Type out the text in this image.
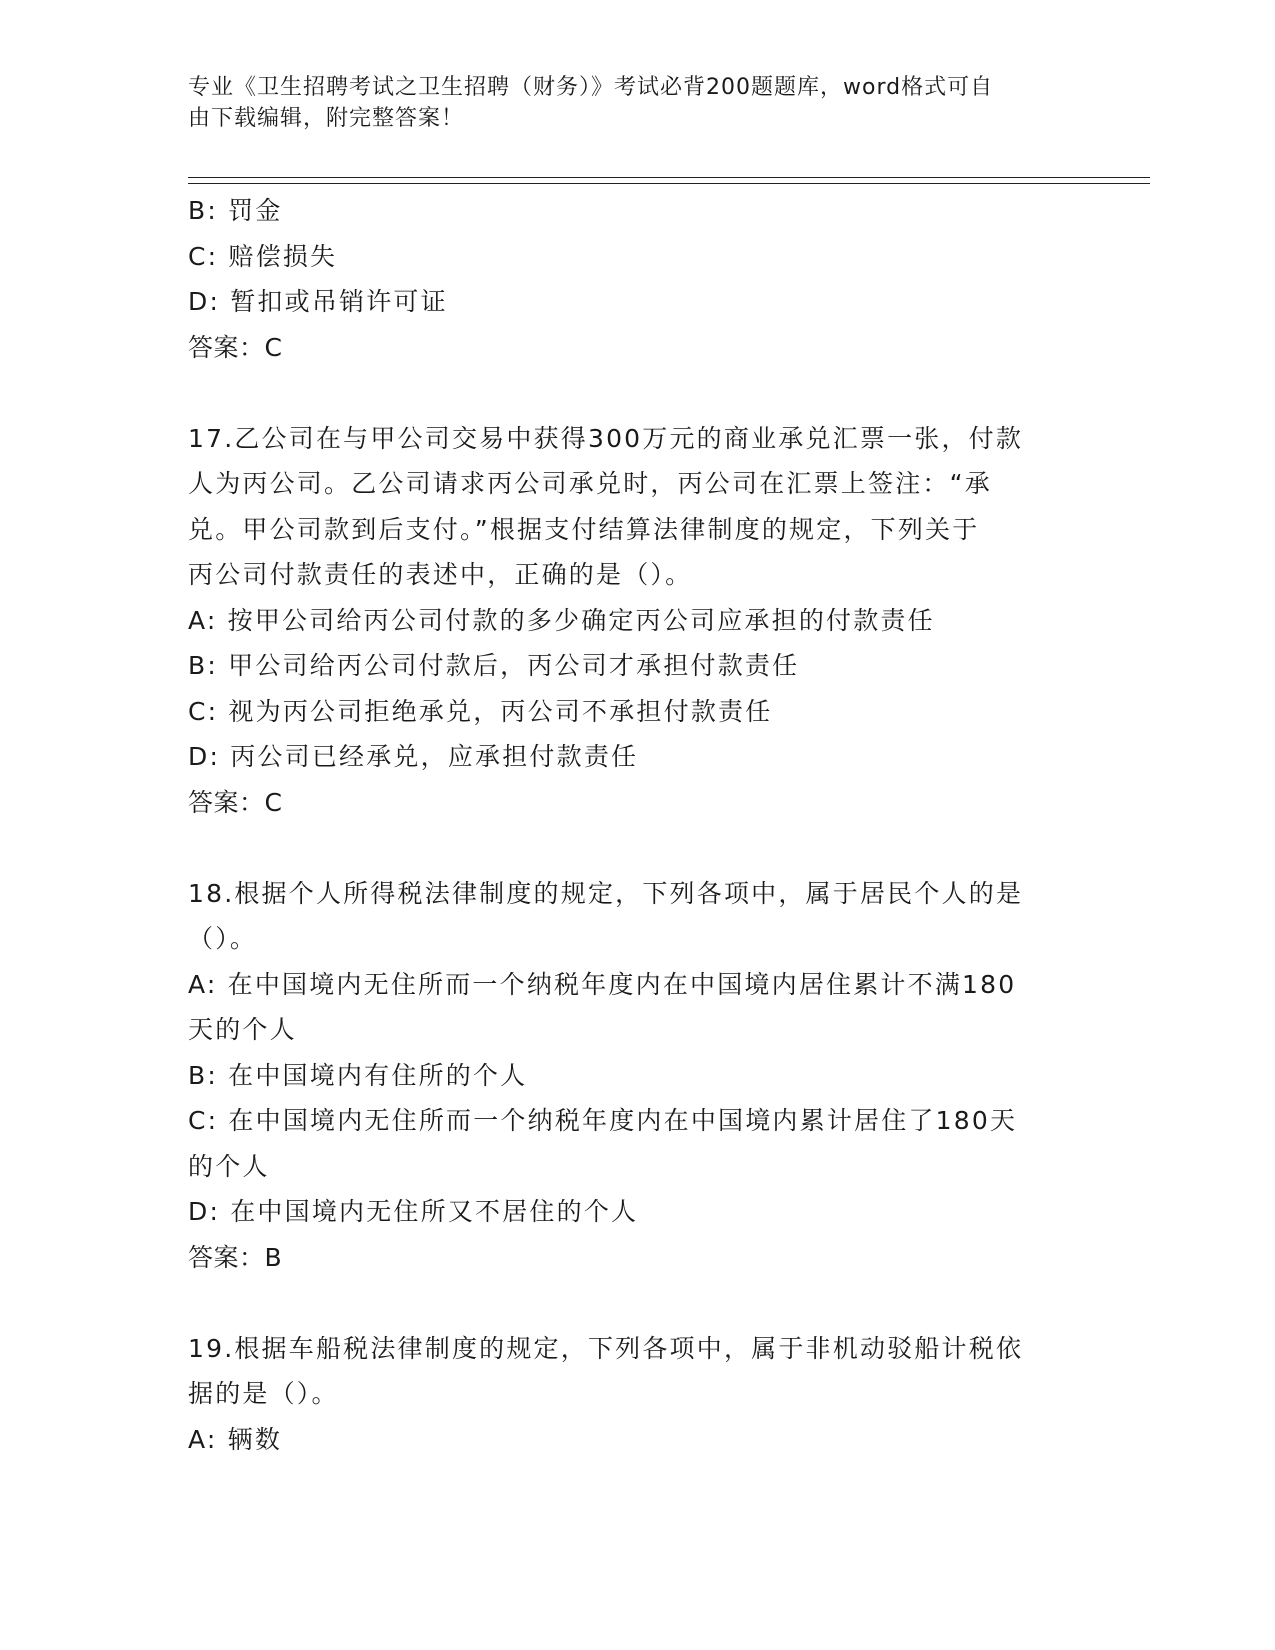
专业《卫生招聘考试之卫生招聘（财务）》考试必背200题题库，word格式可自
由下载编辑，附完整答案！
B: 罚金
C: 赔偿损失
D: 暂扣或吊销许可证
答案：C
17.乙公司在与甲公司交易中获得300万元的商业承兑汇票一张，付款
人为丙公司。乙公司请求丙公司承兑时，丙公司在汇票上签注：“承
兑。甲公司款到后支付。”根据支付结算法律制度的规定，下列关于
丙公司付款责任的表述中，正确的是（）。
A: 按甲公司给丙公司付款的多少确定丙公司应承担的付款责任
B: 甲公司给丙公司付款后，丙公司才承担付款责任
C: 视为丙公司拒绝承兑，丙公司不承担付款责任
D: 丙公司已经承兑，应承担付款责任
答案：C
18.根据个人所得税法律制度的规定，下列各项中，属于居民个人的是
（）。
A: 在中国境内无住所而一个纳税年度内在中国境内居住累计不满180
天的个人
B: 在中国境内有住所的个人
C: 在中国境内无住所而一个纳税年度内在中国境内累计居住了180天
的个人
D: 在中国境内无住所又不居住的个人
答案：B
19.根据车船税法律制度的规定，下列各项中，属于非机动驳船计税依
据的是（）。
A: 辆数
